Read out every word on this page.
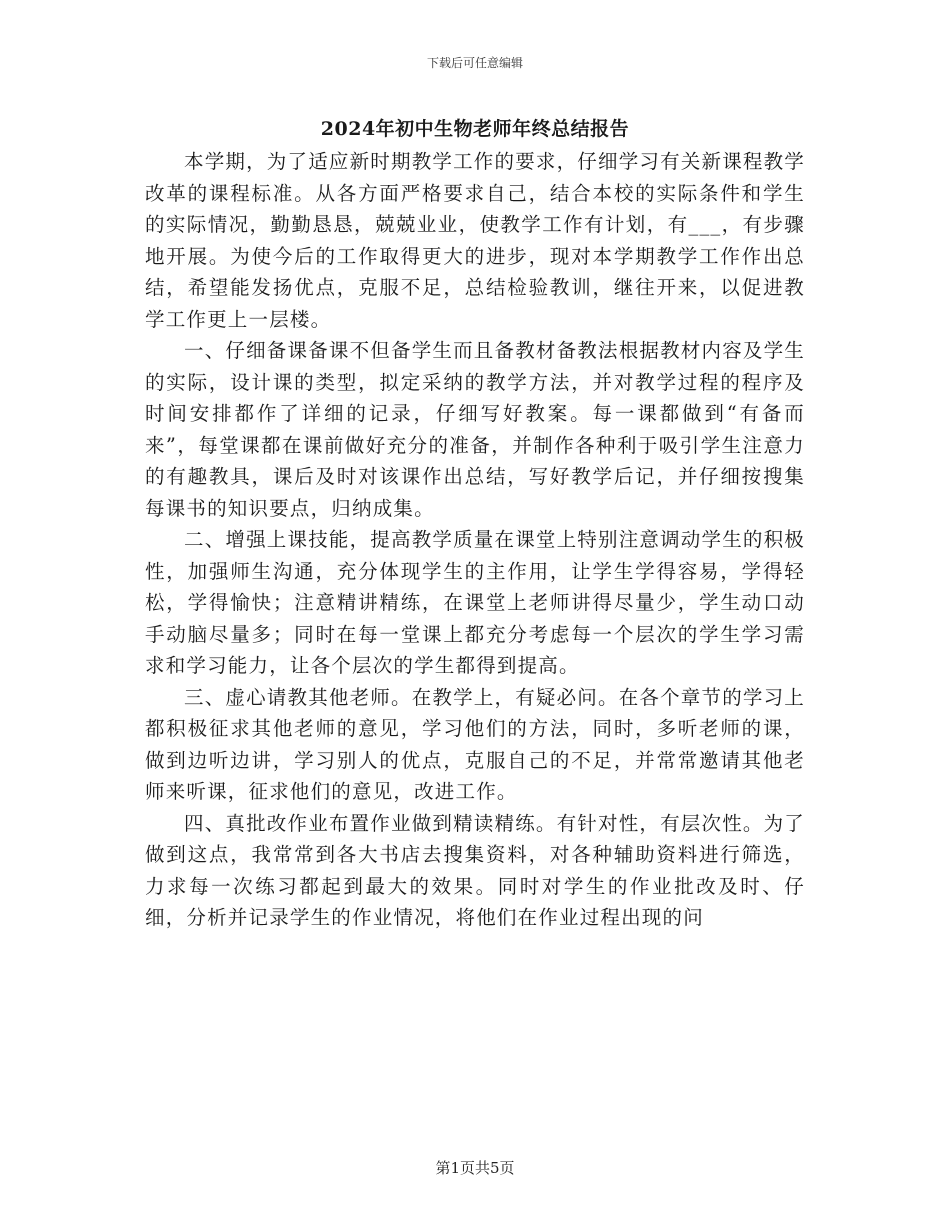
下载后可任意编辑
2024年初中生物老师年终总结报告

本学期，为了适应新时期教学工作的要求，仔细学习有关新课程教学改革的课程标准。从各方面严格要求自己，结合本校的实际条件和学生的实际情况，勤勤恳恳，兢兢业业，使教学工作有计划，有___，有步骤地开展。为使今后的工作取得更大的进步，现对本学期教学工作作出总结，希望能发扬优点，克服不足，总结检验教训，继往开来，以促进教学工作更上一层楼。

一、仔细备课备课不但备学生而且备教材备教法根据教材内容及学生的实际，设计课的类型，拟定采纳的教学方法，并对教学过程的程序及时间安排都作了详细的记录，仔细写好教案。每一课都做到“有备而来”，每堂课都在课前做好充分的准备，并制作各种利于吸引学生注意力的有趣教具，课后及时对该课作出总结，写好教学后记，并仔细按搜集每课书的知识要点，归纳成集。

二、增强上课技能，提高教学质量在课堂上特别注意调动学生的积极性，加强师生沟通，充分体现学生的主作用，让学生学得容易，学得轻松，学得愉快；注意精讲精练，在课堂上老师讲得尽量少，学生动口动手动脑尽量多；同时在每一堂课上都充分考虑每一个层次的学生学习需求和学习能力，让各个层次的学生都得到提高。

三、虚心请教其他老师。在教学上，有疑必问。在各个章节的学习上都积极征求其他老师的意见，学习他们的方法，同时，多听老师的课，做到边听边讲，学习别人的优点，克服自己的不足，并常常邀请其他老师来听课，征求他们的意见，改进工作。

四、真批改作业布置作业做到精读精练。有针对性，有层次性。为了做到这点，我常常到各大书店去搜集资料，对各种辅助资料进行筛选，力求每一次练习都起到最大的效果。同时对学生的作业批改及时、仔细，分析并记录学生的作业情况，将他们在作业过程出现的问

第1页共5页
